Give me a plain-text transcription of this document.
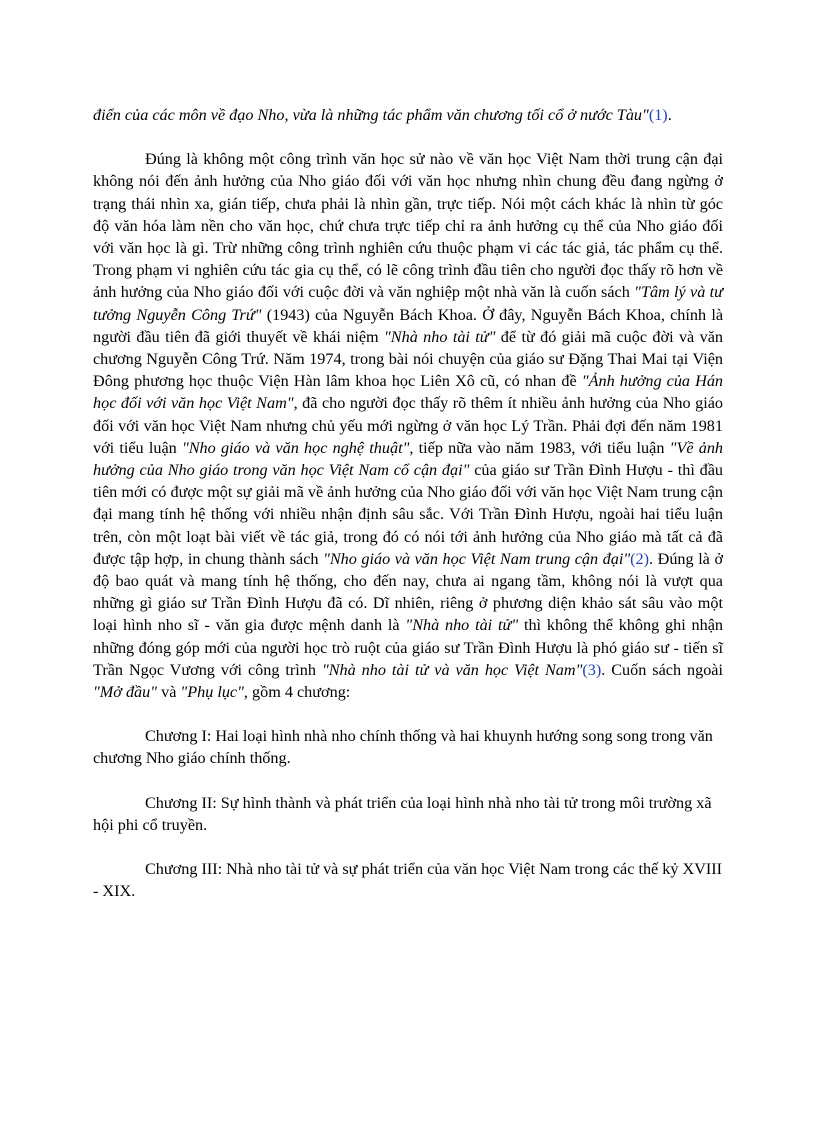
điển của các môn về đạo Nho, vừa là những tác phẩm văn chương tối cổ ở nước Tàu"(1).

Đúng là không một công trình văn học sử nào về văn học Việt Nam thời trung cận đại không nói đến ảnh hưởng của Nho giáo đối với văn học nhưng nhìn chung đều đang ngừng ở trạng thái nhìn xa, gián tiếp, chưa phải là nhìn gần, trực tiếp. Nói một cách khác là nhìn từ góc độ văn hóa làm nền cho văn học, chứ chưa trực tiếp chỉ ra ảnh hưởng cụ thể của Nho giáo đối với văn học là gì. Trừ những công trình nghiên cứu thuộc phạm vi các tác giả, tác phẩm cụ thể. Trong phạm vi nghiên cứu tác gia cụ thể, có lẽ công trình đầu tiên cho người đọc thấy rõ hơn về ảnh hưởng của Nho giáo đối với cuộc đời và văn nghiệp một nhà văn là cuốn sách "Tâm lý và tư tưởng Nguyễn Công Trứ" (1943) của Nguyễn Bách Khoa. Ở đây, Nguyễn Bách Khoa, chính là người đầu tiên đã giới thuyết về khái niệm "Nhà nho tài tử" để từ đó giải mã cuộc đời và văn chương Nguyễn Công Trứ. Năm 1974, trong bài nói chuyện của giáo sư Đặng Thai Mai tại Viện Đông phương học thuộc Viện Hàn lâm khoa học Liên Xô cũ, có nhan đề "Ảnh hưởng của Hán học đối với văn học Việt Nam", đã cho người đọc thấy rõ thêm ít nhiều ảnh hưởng của Nho giáo đối với văn học Việt Nam nhưng chủ yếu mới ngừng ở văn học Lý Trần. Phải đợi đến năm 1981 với tiểu luận "Nho giáo và văn học nghệ thuật", tiếp nữa vào năm 1983, với tiểu luận "Về ảnh hưởng của Nho giáo trong văn học Việt Nam cổ cận đại" của giáo sư Trần Đình Hượu - thì đầu tiên mới có được một sự giải mã về ảnh hưởng của Nho giáo đối với văn học Việt Nam trung cận đại mang tính hệ thống với nhiều nhận định sâu sắc. Với Trần Đình Hượu, ngoài hai tiểu luận trên, còn một loạt bài viết về tác giả, trong đó có nói tới ảnh hưởng của Nho giáo mà tất cả đã được tập hợp, in chung thành sách "Nho giáo và văn học Việt Nam trung cận đại"(2). Đúng là ở độ bao quát và mang tính hệ thống, cho đến nay, chưa ai ngang tầm, không nói là vượt qua những gì giáo sư Trần Đình Hượu đã có. Dĩ nhiên, riêng ở phương diện khảo sát sâu vào một loại hình nho sĩ - văn gia được mệnh danh là "Nhà nho tài tử" thì không thể không ghi nhận những đóng góp mới của người học trò ruột của giáo sư Trần Đình Hượu là phó giáo sư - tiến sĩ Trần Ngọc Vương với công trình "Nhà nho tài tử và văn học Việt Nam"(3). Cuốn sách ngoài "Mở đầu" và "Phụ lục", gồm 4 chương:

Chương I: Hai loại hình nhà nho chính thống và hai khuynh hướng song song trong văn chương Nho giáo chính thống.

Chương II: Sự hình thành và phát triển của loại hình nhà nho tài tử trong môi trường xã hội phi cổ truyền.

Chương III: Nhà nho tài tử và sự phát triển của văn học Việt Nam trong các thế kỷ XVIII - XIX.
